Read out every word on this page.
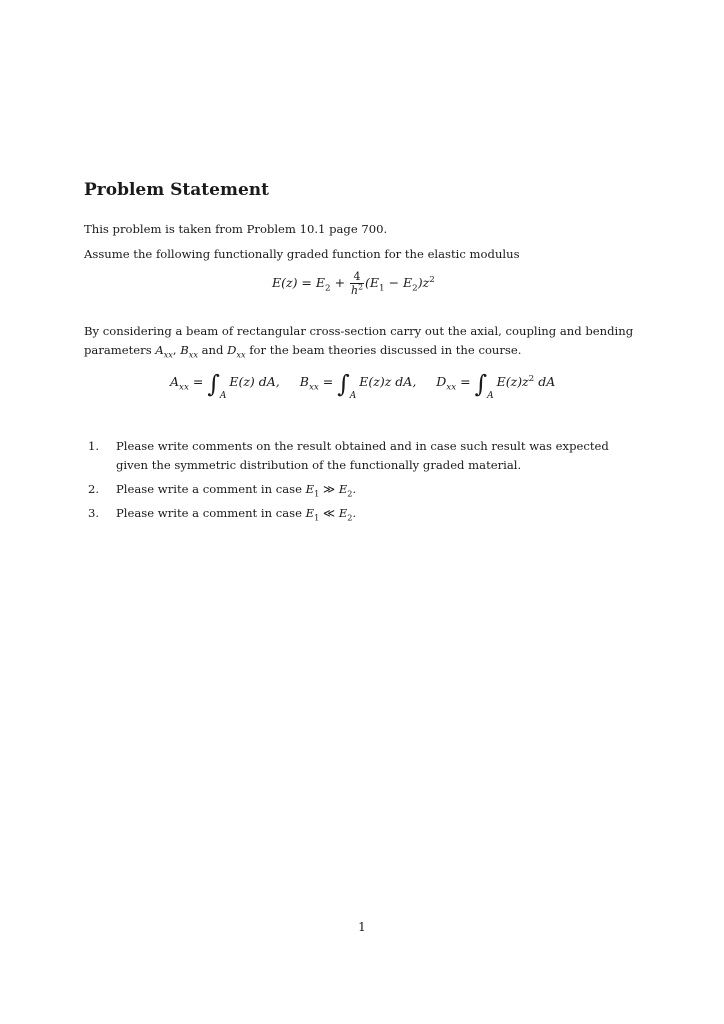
Problem Statement

This problem is taken from Problem 10.1 page 700.

Assume the following functionally graded function for the elastic modulus

$E(z) = E_2 + \frac{4}{h^2} (E_1 - E_2)z^2$

By considering a beam of rectangular cross-section carry out the axial, coupling and bending parameters $A_{xx}$, $B_{xx}$ and $D_{xx}$ for the beam theories discussed in the course.

$A_{xx} = \int_AE(z)$ dA, $B_{xx} = \int_AE(z)z$ dA, $D_{xx} = \int_AE(z)z^2$ dA
1. Please write comments on the result obtained and in case such result was expected given the symmetric distribution of the functionally graded material.
2. Please write a comment in case $E_1$ ≫ $E_2$.
3. Please write a comment in case $E_1$ ≪ $E_2$.
1
